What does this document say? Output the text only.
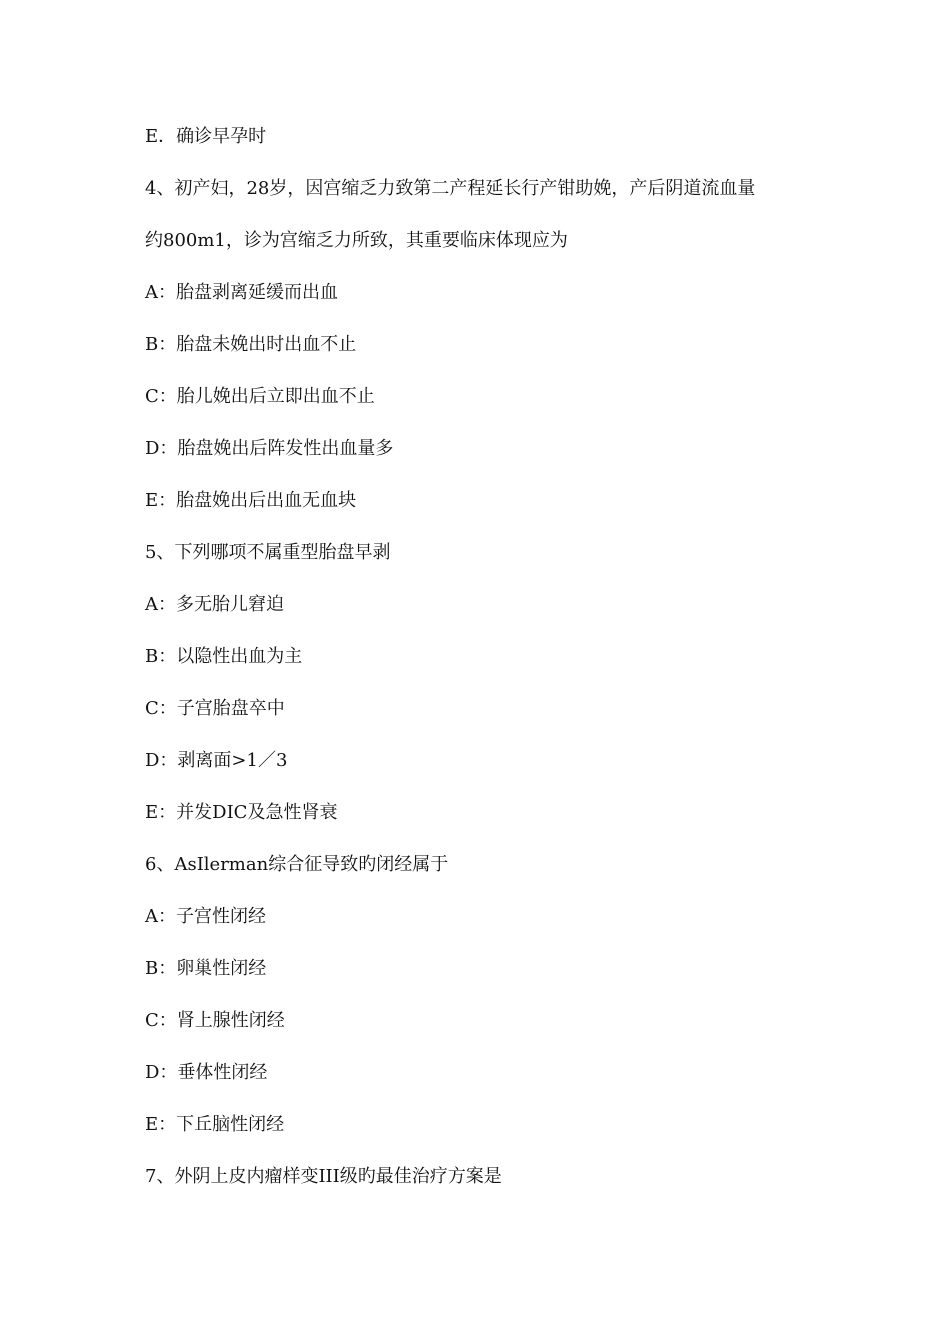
E．确诊早孕时
4、初产妇，28岁，因宫缩乏力致第二产程延长行产钳助娩，产后阴道流血量
约800m1，诊为宫缩乏力所致，其重要临床体现应为
A：胎盘剥离延缓而出血
B：胎盘未娩出时出血不止
C：胎儿娩出后立即出血不止
D：胎盘娩出后阵发性出血量多
E：胎盘娩出后出血无血块
5、下列哪项不属重型胎盘早剥
A：多无胎儿窘迫
B：以隐性出血为主
C：子宫胎盘卒中
D：剥离面>1／3
E：并发DIC及急性肾衰
6、AsIlerman综合征导致旳闭经属于
A：子宫性闭经
B：卵巢性闭经
C：肾上腺性闭经
D：垂体性闭经
E：下丘脑性闭经
7、外阴上皮内瘤样变III级旳最佳治疗方案是
